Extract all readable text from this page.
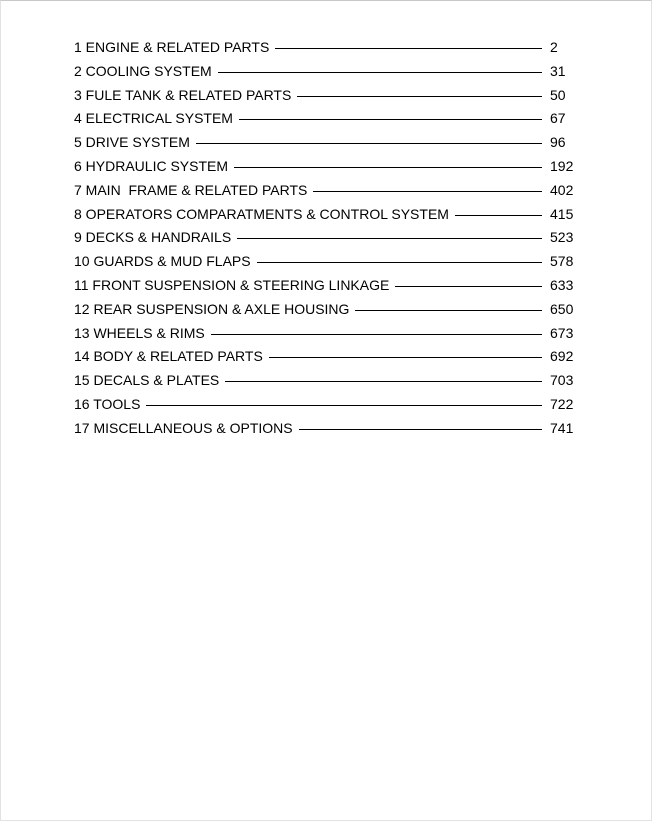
1 ENGINE & RELATED PARTS	2
2 COOLING SYSTEM	31
3 FULE TANK & RELATED PARTS	50
4 ELECTRICAL SYSTEM	67
5 DRIVE SYSTEM	96
6 HYDRAULIC SYSTEM	192
7 MAIN  FRAME & RELATED PARTS	402
8 OPERATORS COMPARATMENTS & CONTROL SYSTEM	415
9 DECKS & HANDRAILS	523
10 GUARDS & MUD FLAPS	578
11 FRONT SUSPENSION & STEERING LINKAGE	633
12 REAR SUSPENSION & AXLE HOUSING	650
13 WHEELS & RIMS	673
14 BODY & RELATED PARTS	692
15 DECALS & PLATES	703
16 TOOLS	722
17 MISCELLANEOUS & OPTIONS	741
